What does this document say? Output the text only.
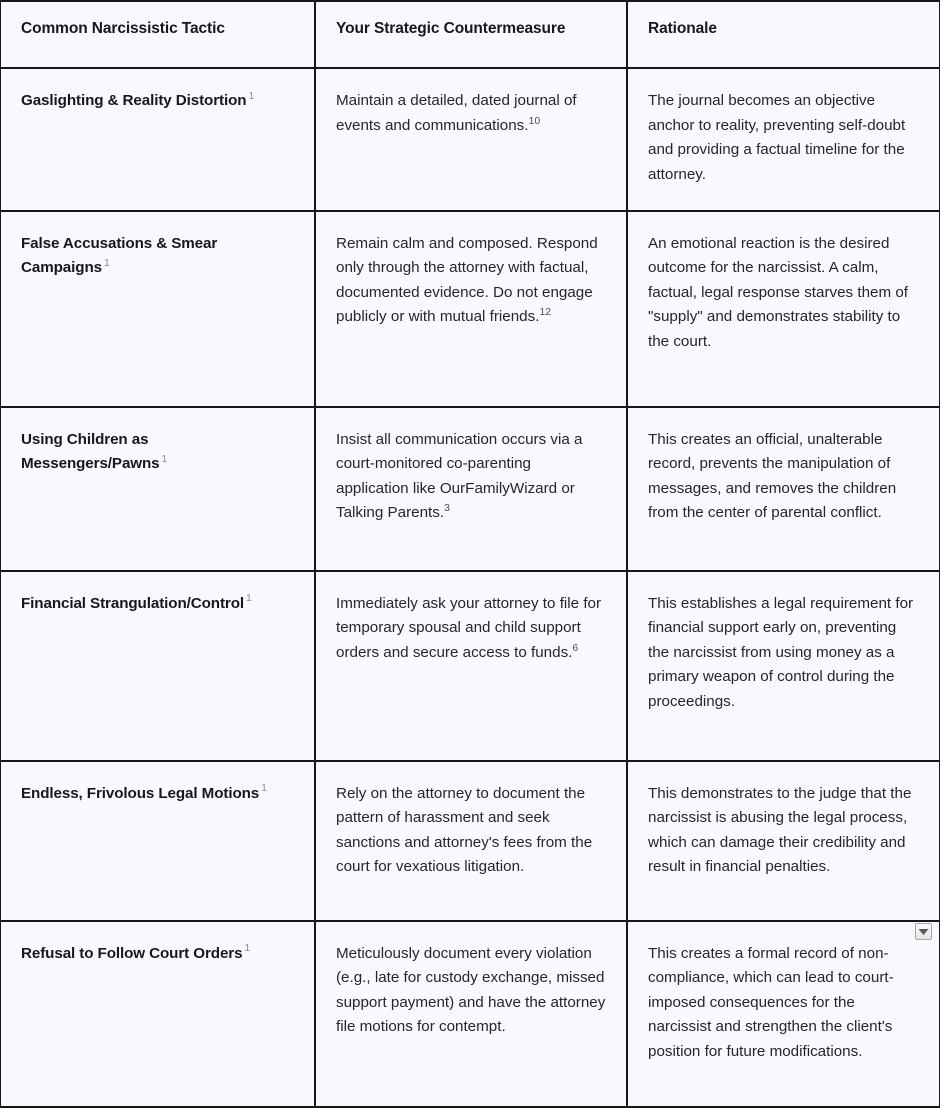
Common Narcissistic Tactic	Your Strategic Countermeasure	Rationale
Gaslighting & Reality Distortion $^1$	Maintain a detailed, dated journal of events and communications.$^{10}$	The journal becomes an objective anchor to reality, preventing self-doubt and providing a factual timeline for the attorney.
False Accusations & Smear Campaigns $^1$	Remain calm and composed. Respond only through the attorney with factual, documented evidence. Do not engage publicly or with mutual friends.$^{12}$	An emotional reaction is the desired outcome for the narcissist. A calm, factual, legal response starves them of "supply" and demonstrates stability to the court.
Using Children as Messengers/Pawns $^1$	Insist all communication occurs via a court-monitored co-parenting application like OurFamilyWizard or Talking Parents.$^3$	This creates an official, unalterable record, prevents the manipulation of messages, and removes the children from the center of parental conflict.
Financial Strangulation/Control $^1$	Immediately ask your attorney to file for temporary spousal and child support orders and secure access to funds.$^6$	This establishes a legal requirement for financial support early on, preventing the narcissist from using money as a primary weapon of control during the proceedings.
Endless, Frivolous Legal Motions $^1$	Rely on the attorney to document the pattern of harassment and seek sanctions and attorney's fees from the court for vexatious litigation.	This demonstrates to the judge that the narcissist is abusing the legal process, which can damage their credibility and result in financial penalties.
Refusal to Follow Court Orders $^1$	Meticulously document every violation (e.g., late for custody exchange, missed support payment) and have the attorney file motions for contempt.	This creates a formal record of non-compliance, which can lead to court-imposed consequences for the narcissist and strengthen the client's position for future modifications.
